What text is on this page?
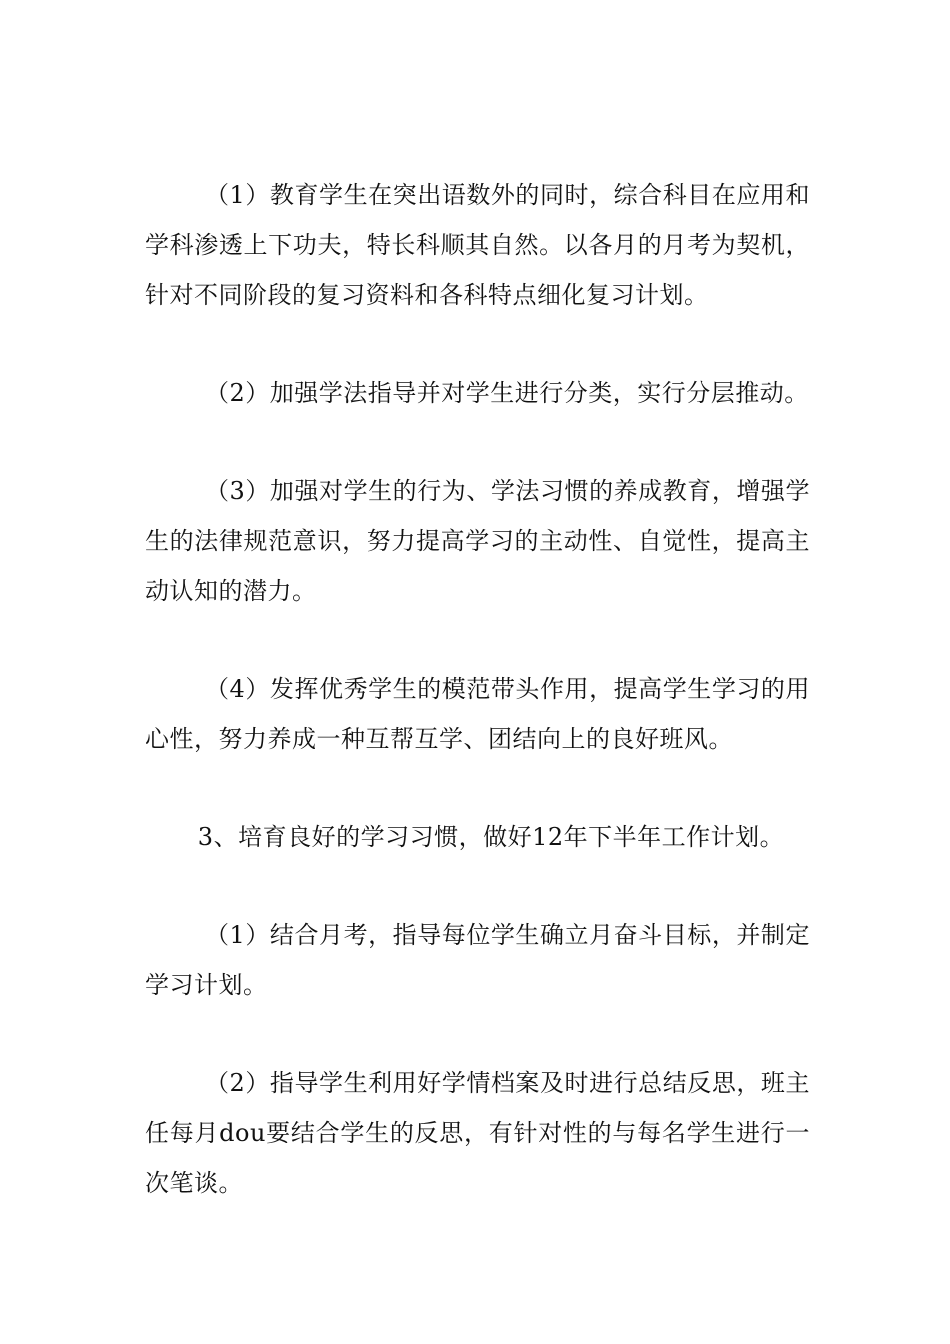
（1）教育学生在突出语数外的同时，综合科目在应用和学科渗透上下功夫，特长科顺其自然。以各月的月考为契机，针对不同阶段的复习资料和各科特点细化复习计划。

（2）加强学法指导并对学生进行分类，实行分层推动。

（3）加强对学生的行为、学法习惯的养成教育，增强学生的法律规范意识，努力提高学习的主动性、自觉性，提高主动认知的潜力。

（4）发挥优秀学生的模范带头作用，提高学生学习的用心性，努力养成一种互帮互学、团结向上的良好班风。

3、培育良好的学习习惯，做好12年下半年工作计划。

（1）结合月考，指导每位学生确立月奋斗目标，并制定学习计划。

（2）指导学生利用好学情档案及时进行总结反思，班主任每月dou要结合学生的反思，有针对性的与每名学生进行一次笔谈。
